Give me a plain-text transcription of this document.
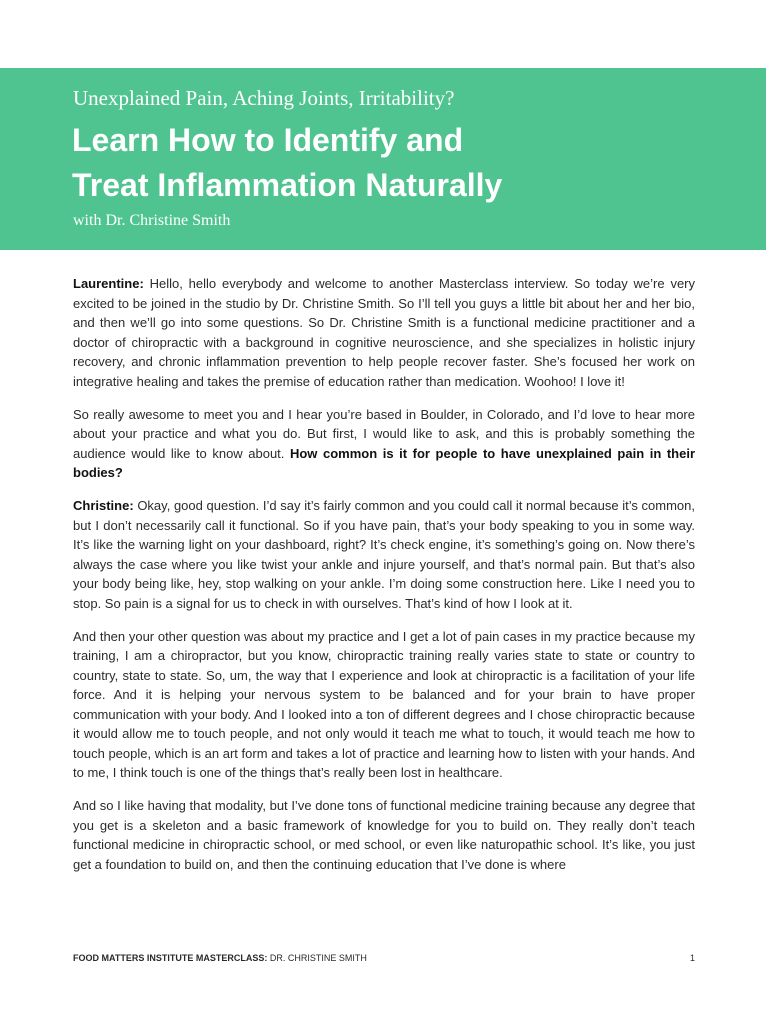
Unexplained Pain, Aching Joints, Irritability?
Learn How to Identify and
Treat Inflammation Naturally
with Dr. Christine Smith

Laurentine: Hello, hello everybody and welcome to another Masterclass interview. So today we’re very excited to be joined in the studio by Dr. Christine Smith. So I’ll tell you guys a little bit about her and her bio, and then we’ll go into some questions. So Dr. Christine Smith is a functional medicine practitioner and a doctor of chiropractic with a background in cognitive neuroscience, and she specializes in holistic injury recovery, and chronic inflammation prevention to help people recover faster. She’s focused her work on integrative healing and takes the premise of education rather than medication. Woohoo! I love it!

So really awesome to meet you and I hear you’re based in Boulder, in Colorado, and I’d love to hear more about your practice and what you do. But first, I would like to ask, and this is probably something the audience would like to know about. How common is it for people to have unexplained pain in their bodies?

Christine: Okay, good question. I’d say it’s fairly common and you could call it normal because it’s common, but I don’t necessarily call it functional. So if you have pain, that’s your body speaking to you in some way. It’s like the warning light on your dashboard, right? It’s check engine, it’s something’s going on. Now there’s always the case where you like twist your ankle and injure yourself, and that’s normal pain. But that’s also your body being like, hey, stop walking on your ankle. I’m doing some construction here. Like I need you to stop. So pain is a signal for us to check in with ourselves. That’s kind of how I look at it.

And then your other question was about my practice and I get a lot of pain cases in my practice because my training, I am a chiropractor, but you know, chiropractic training really varies state to state or country to country, state to state. So, um, the way that I experience and look at chiropractic is a facilitation of your life force. And it is helping your nervous system to be balanced and for your brain to have proper communication with your body. And I looked into a ton of different degrees and I chose chiropractic because it would allow me to touch people, and not only would it teach me what to touch, it would teach me how to touch people, which is an art form and takes a lot of practice and learning how to listen with your hands. And to me, I think touch is one of the things that’s really been lost in healthcare.

And so I like having that modality, but I’ve done tons of functional medicine training because any degree that you get is a skeleton and a basic framework of knowledge for you to build on. They really don’t teach functional medicine in chiropractic school, or med school, or even like naturopathic school. It’s like, you just get a foundation to build on, and then the continuing education that I’ve done is where

FOOD MATTERS INSTITUTE MASTERCLASS: DR. CHRISTINE SMITH	1
